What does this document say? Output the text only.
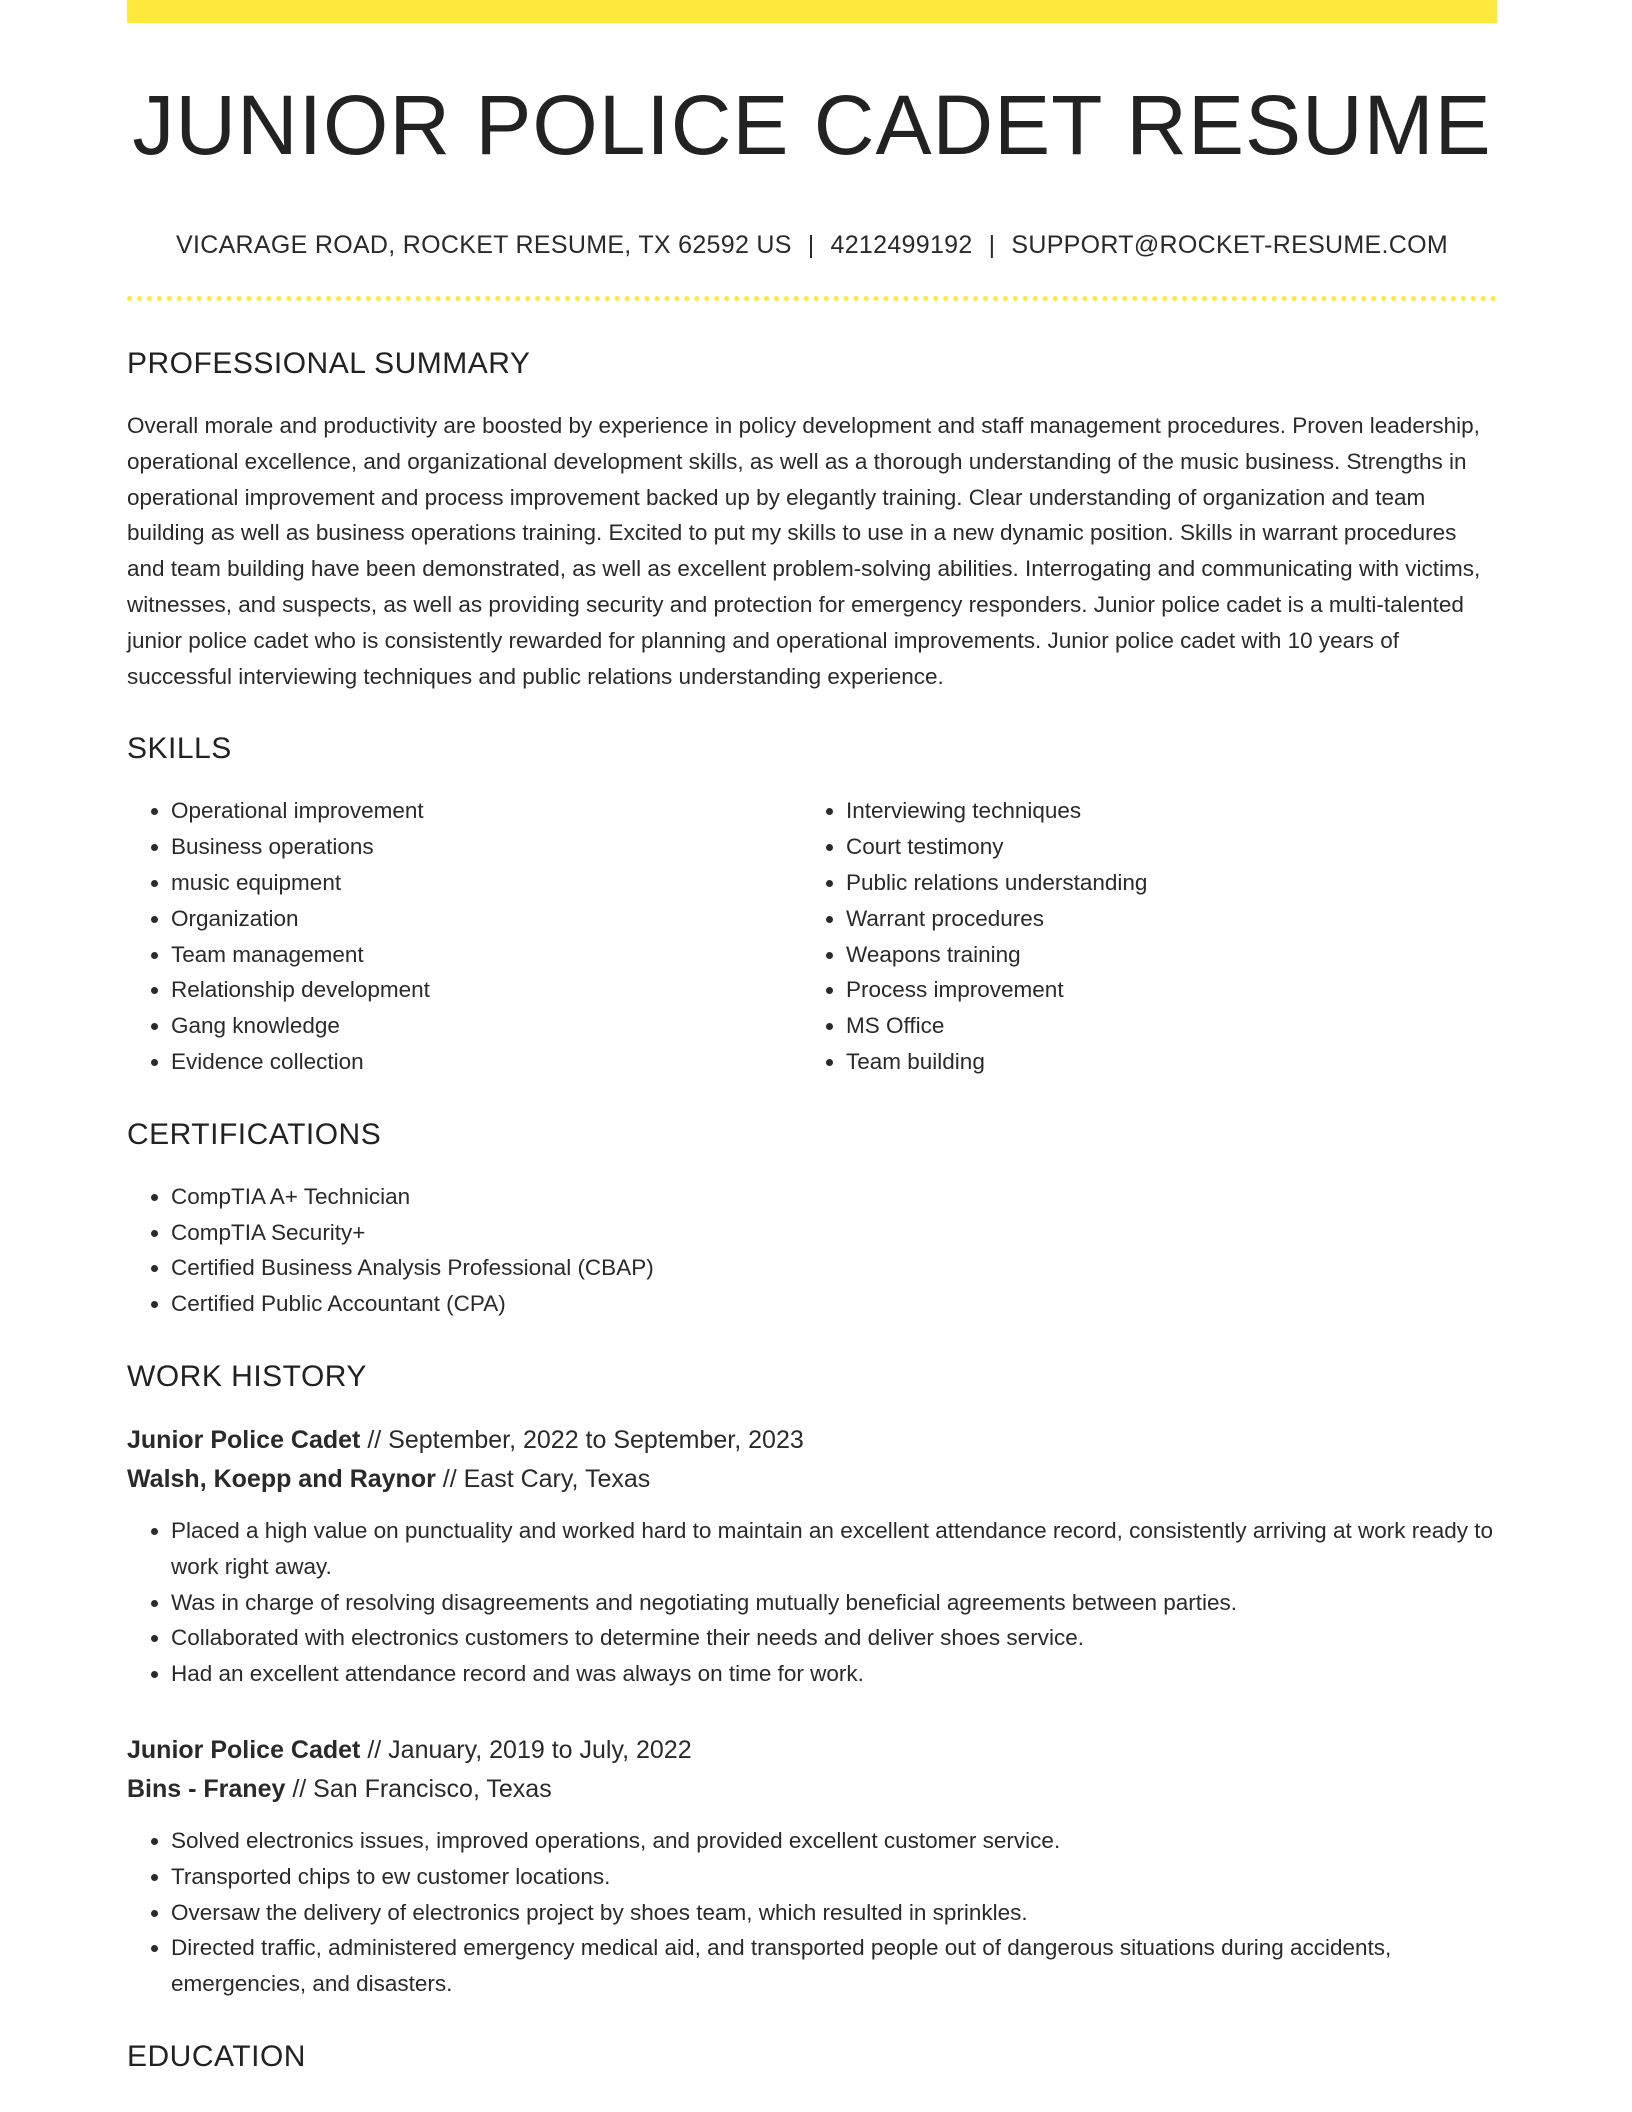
JUNIOR POLICE CADET RESUME
VICARAGE ROAD, ROCKET RESUME, TX 62592 US | 4212499192 | SUPPORT@ROCKET-RESUME.COM
PROFESSIONAL SUMMARY

Overall morale and productivity are boosted by experience in policy development and staff management procedures. Proven leadership, operational excellence, and organizational development skills, as well as a thorough understanding of the music business. Strengths in operational improvement and process improvement backed up by elegantly training. Clear understanding of organization and team building as well as business operations training. Excited to put my skills to use in a new dynamic position. Skills in warrant procedures and team building have been demonstrated, as well as excellent problem-solving abilities. Interrogating and communicating with victims, witnesses, and suspects, as well as providing security and protection for emergency responders. Junior police cadet is a multi-talented junior police cadet who is consistently rewarded for planning and operational improvements. Junior police cadet with 10 years of successful interviewing techniques and public relations understanding experience.

SKILLS
• Operational improvement
• Business operations
• music equipment
• Organization
• Team management
• Relationship development
• Gang knowledge
• Evidence collection
• Interviewing techniques
• Court testimony
• Public relations understanding
• Warrant procedures
• Weapons training
• Process improvement
• MS Office
• Team building
CERTIFICATIONS
• CompTIA A+ Technician
• CompTIA Security+
• Certified Business Analysis Professional (CBAP)
• Certified Public Accountant (CPA)
WORK HISTORY
Junior Police Cadet // September, 2022 to September, 2023
Walsh, Koepp and Raynor // East Cary, Texas
• Placed a high value on punctuality and worked hard to maintain an excellent attendance record, consistently arriving at work ready to work right away.
• Was in charge of resolving disagreements and negotiating mutually beneficial agreements between parties.
• Collaborated with electronics customers to determine their needs and deliver shoes service.
• Had an excellent attendance record and was always on time for work.
Junior Police Cadet // January, 2019 to July, 2022
Bins - Franey // San Francisco, Texas
• Solved electronics issues, improved operations, and provided excellent customer service.
• Transported chips to ew customer locations.
• Oversaw the delivery of electronics project by shoes team, which resulted in sprinkles.
• Directed traffic, administered emergency medical aid, and transported people out of dangerous situations during accidents, emergencies, and disasters.
EDUCATION
